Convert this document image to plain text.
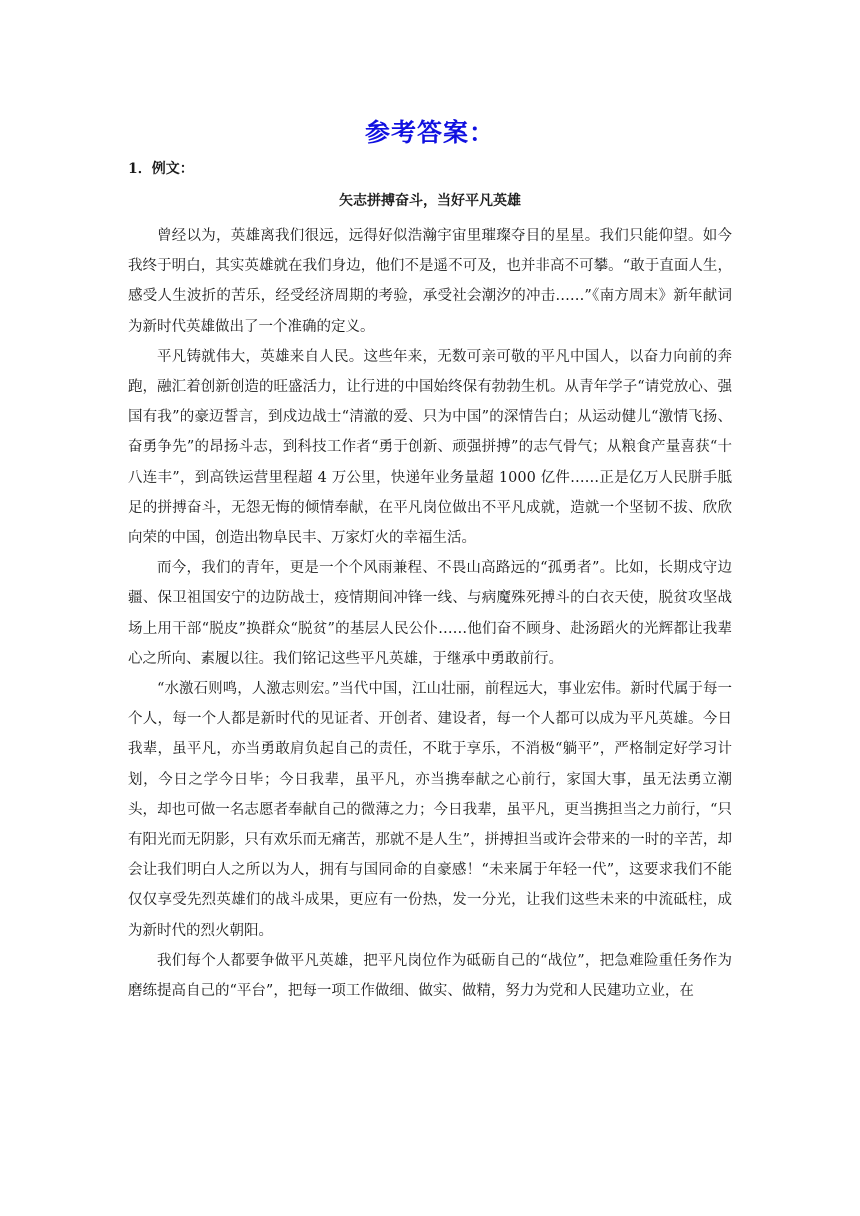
参考答案：
1．例文：
矢志拼搏奋斗，当好平凡英雄

曾经以为，英雄离我们很远，远得好似浩瀚宇宙里璀璨夺目的星星。我们只能仰望。如今我终于明白，其实英雄就在我们身边，他们不是遥不可及，也并非高不可攀。“敢于直面人生，感受人生波折的苦乐，经受经济周期的考验，承受社会潮汐的冲击……”《南方周末》新年献词为新时代英雄做出了一个准确的定义。

平凡铸就伟大，英雄来自人民。这些年来，无数可亲可敬的平凡中国人，以奋力向前的奔跑，融汇着创新创造的旺盛活力，让行进的中国始终保有勃勃生机。从青年学子“请党放心、强国有我”的豪迈誓言，到戍边战士“清澈的爱、只为中国”的深情告白；从运动健儿“激情飞扬、奋勇争先”的昂扬斗志，到科技工作者“勇于创新、顽强拼搏”的志气骨气；从粮食产量喜获“十八连丰”，到高铁运营里程超 4 万公里，快递年业务量超 1000 亿件……正是亿万人民胼手胝足的拼搏奋斗，无怨无悔的倾情奉献，在平凡岗位做出不平凡成就，造就一个坚韧不拔、欣欣向荣的中国，创造出物阜民丰、万家灯火的幸福生活。

而今，我们的青年，更是一个个风雨兼程、不畏山高路远的“孤勇者”。比如，长期戍守边疆、保卫祖国安宁的边防战士，疫情期间冲锋一线、与病魔殊死搏斗的白衣天使，脱贫攻坚战场上用干部“脱皮”换群众“脱贫”的基层人民公仆……他们奋不顾身、赴汤蹈火的光辉都让我辈心之所向、素履以往。我们铭记这些平凡英雄，于继承中勇敢前行。

“水激石则鸣，人激志则宏。”当代中国，江山壮丽，前程远大，事业宏伟。新时代属于每一个人，每一个人都是新时代的见证者、开创者、建设者，每一个人都可以成为平凡英雄。今日我辈，虽平凡，亦当勇敢肩负起自己的责任，不耽于享乐，不消极“躺平”，严格制定好学习计划，今日之学今日毕；今日我辈，虽平凡，亦当携奉献之心前行，家国大事，虽无法勇立潮头，却也可做一名志愿者奉献自己的微薄之力；今日我辈，虽平凡，更当携担当之力前行，“只有阳光而无阴影，只有欢乐而无痛苦，那就不是人生”，拼搏担当或许会带来的一时的辛苦，却会让我们明白人之所以为人，拥有与国同命的自豪感！“未来属于年轻一代”，这要求我们不能仅仅享受先烈英雄们的战斗成果，更应有一份热，发一分光，让我们这些未来的中流砥柱，成为新时代的烈火朝阳。

我们每个人都要争做平凡英雄，把平凡岗位作为砥砺自己的“战位”，把急难险重任务作为磨练提高自己的“平台”，把每一项工作做细、做实、做精，努力为党和人民建功立业，在
